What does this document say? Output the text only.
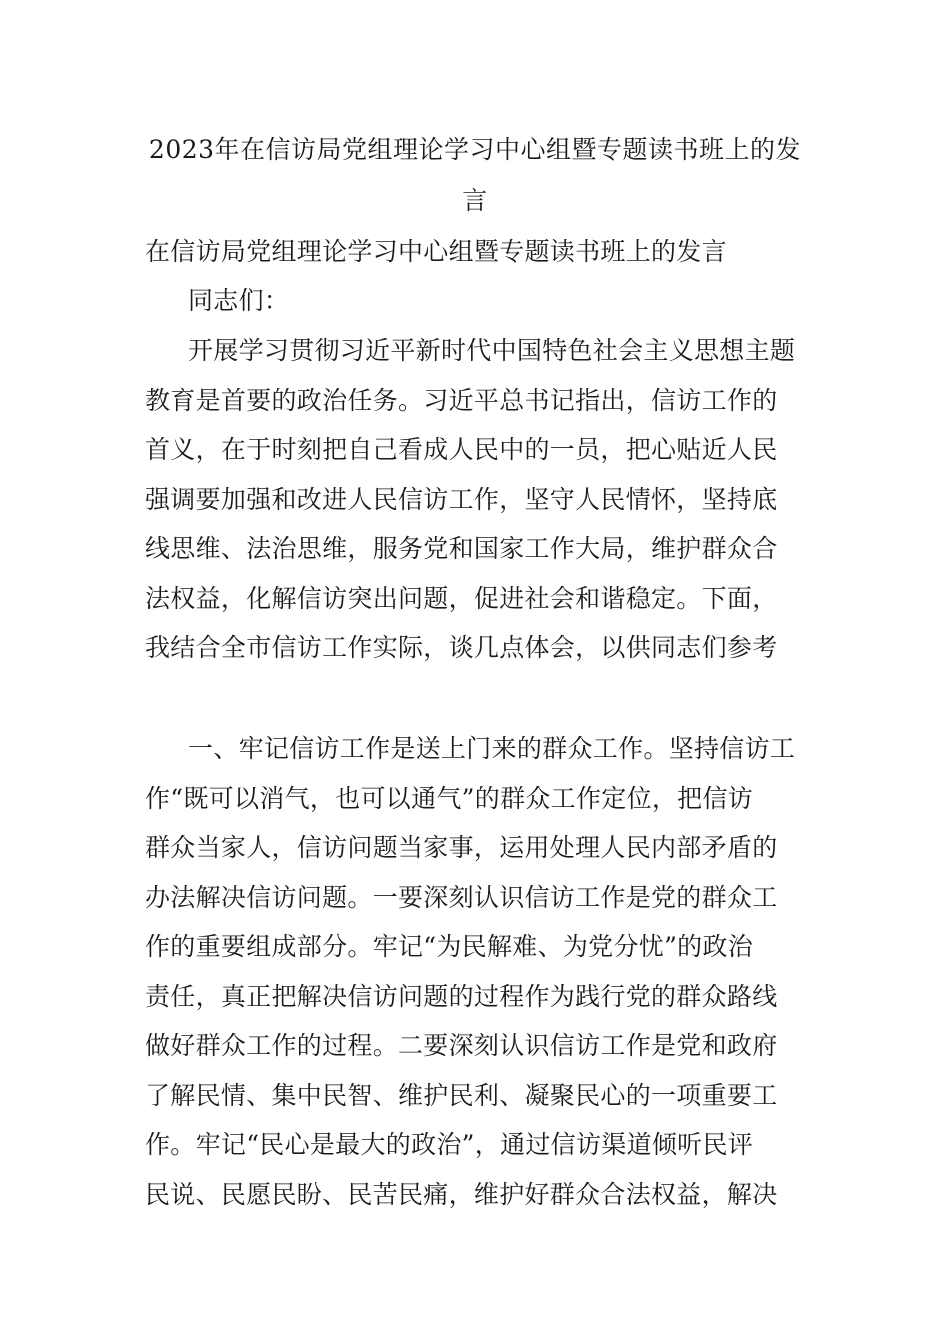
2023年在信访局党组理论学习中心组暨专题读书班上的发
言
在信访局党组理论学习中心组暨专题读书班上的发言
同志们：
开展学习贯彻习近平新时代中国特色社会主义思想主题
教育是首要的政治任务。习近平总书记指出，信访工作的
首义，在于时刻把自己看成人民中的一员，把心贴近人民
强调要加强和改进人民信访工作，坚守人民情怀，坚持底
线思维、法治思维，服务党和国家工作大局，维护群众合
法权益，化解信访突出问题，促进社会和谐稳定。下面，
我结合全市信访工作实际，谈几点体会，以供同志们参考
一、牢记信访工作是送上门来的群众工作。坚持信访工
作“既可以消气，也可以通气”的群众工作定位，把信访
群众当家人，信访问题当家事，运用处理人民内部矛盾的
办法解决信访问题。一要深刻认识信访工作是党的群众工
作的重要组成部分。牢记“为民解难、为党分忧”的政治
责任，真正把解决信访问题的过程作为践行党的群众路线
做好群众工作的过程。二要深刻认识信访工作是党和政府
了解民情、集中民智、维护民利、凝聚民心的一项重要工
作。牢记“民心是最大的政治”，通过信访渠道倾听民评
民说、民愿民盼、民苦民痛，维护好群众合法权益，解决
